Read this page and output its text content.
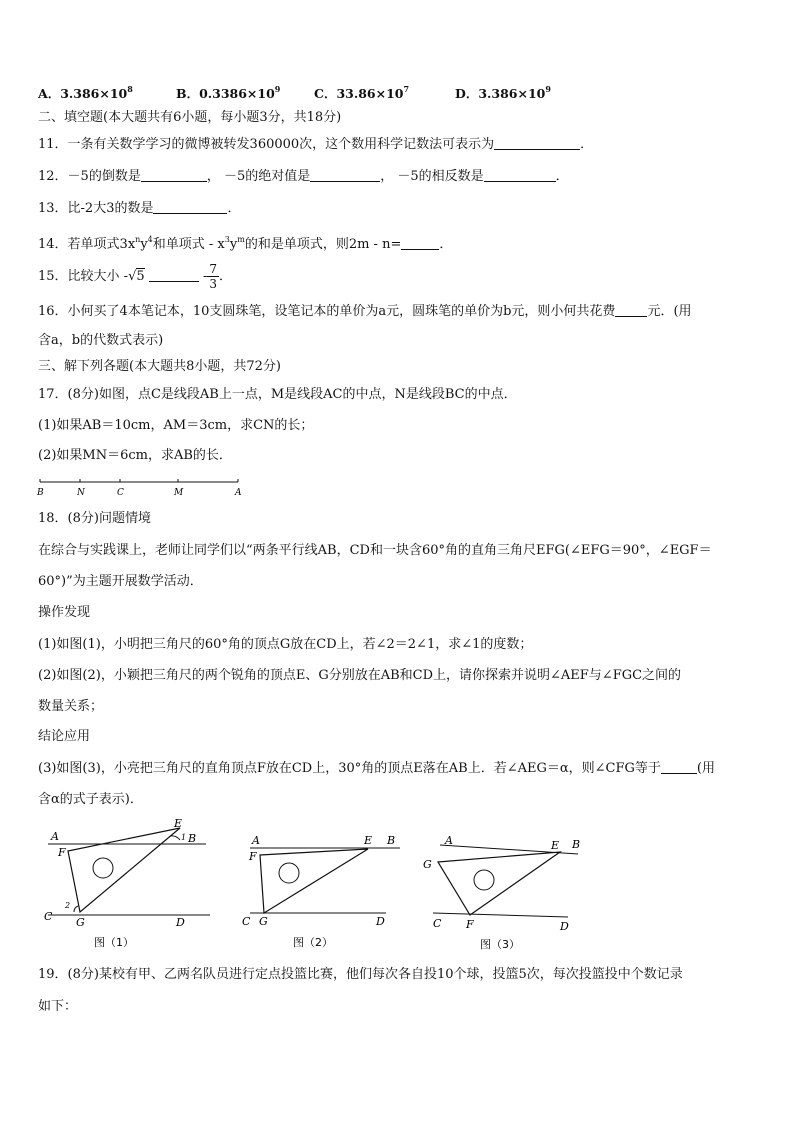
A．$3.386\times 10^8$	B．$0.3386\times 10^9$	C．$33.86\times 10^7$	D．$3.386\times 10^9$
二、填空题(本大题共有6小题，每小题3分，共18分)
11．一条有关数学学习的微博被转发360000次，这个数用科学记数法可表示为	．
12．－5的倒数是	， －5的绝对值是	， －5的相反数是	．
13．比-2大3的数是	．
14．若单项式$3x^ny^4$和单项式 - $x^3y^m$的和是单项式，则2m - n=	．
15．比较大小 -√5	- $\frac{7}{3}$ ．
16．小何买了4本笔记本，10支圆珠笔，设笔记本的单价为a元，圆珠笔的单价为b元，则小何共花费 元．(用
含a，b的代数式表示)
三、解下列各题(本大题共8小题，共72分)
17．(8分)如图，点C是线段AB上一点，M是线段AC的中点，N是线段BC的中点．
(1)如果AB＝10cm，AM＝3cm，求CN的长；
(2)如果MN＝6cm，求AB的长．
B	N	C	M	A
18．(8分)问题情境
在综合与实践课上，老师让同学们以“两条平行线AB，CD和一块含60°角的直角三角尺EFG(∠EFG＝90°，∠EGF＝
60°)”为主题开展数学活动．
操作发现
(1)如图(1)，小明把三角尺的60°角的顶点G放在CD上，若∠2＝2∠1，求∠1的度数；
(2)如图(2)，小颖把三角尺的两个锐角的顶点E、G分别放在AB和CD上，请你探索并说明∠AEF与∠FGC之间的
数量关系；
结论应用
(3)如图(3)，小亮把三角尺的直角顶点F放在CD上，30°角的顶点E落在AB上．若∠AEG＝α，则∠CFG等于	(用
含α的式子表示)．
A
E
B
F
C G	D
1
2
图（1）
A	E B
F
C G	D
图（2）
A	E B
G
C F	D
图（3）
19．(8分)某校有甲、乙两名队员进行定点投篮比赛，他们每次各自投10个球，投篮5次，每次投篮投中个数记录
如下：
